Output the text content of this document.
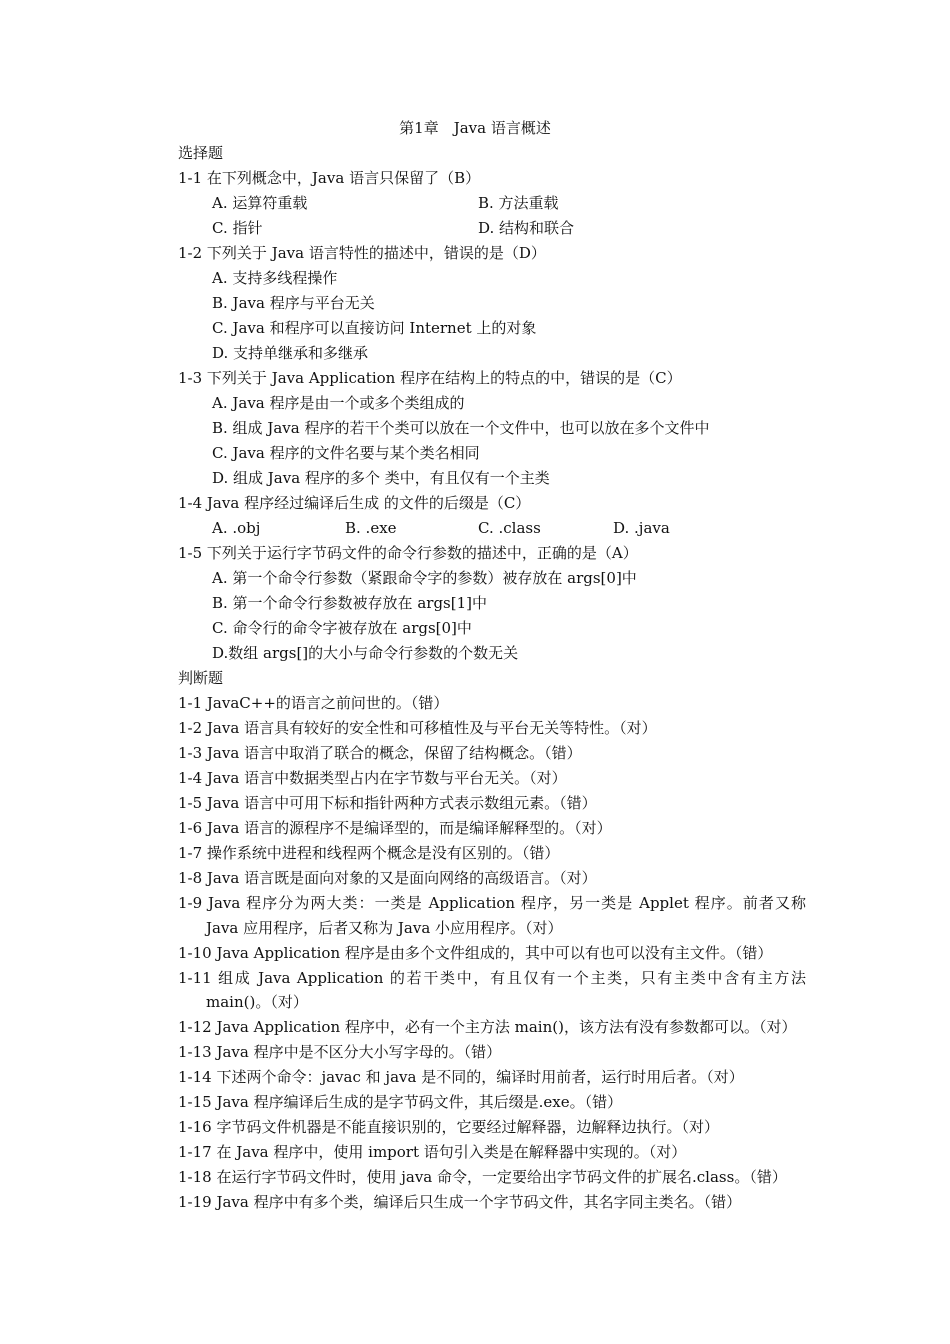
第1章　Java 语言概述
选择题
1-1 在下列概念中，Java 语言只保留了（B）
A. 运算符重载	B. 方法重载
C. 指针	D. 结构和联合
1-2 下列关于 Java 语言特性的描述中，错误的是（D）
A. 支持多线程操作
B. Java 程序与平台无关
C. Java 和程序可以直接访问 Internet 上的对象
D. 支持单继承和多继承
1-3 下列关于 Java Application 程序在结构上的特点的中，错误的是（C）
A. Java 程序是由一个或多个类组成的
B. 组成 Java 程序的若干个类可以放在一个文件中，也可以放在多个文件中
C. Java 程序的文件名要与某个类名相同
D. 组成 Java 程序的多个 类中，有且仅有一个主类
1-4 Java 程序经过编译后生成 的文件的后缀是（C）
A. .obj	B. .exe	C. .class	D. .java
1-5 下列关于运行字节码文件的命令行参数的描述中，正确的是（A）
A. 第一个命令行参数（紧跟命令字的参数）被存放在 args[0]中
B. 第一个命令行参数被存放在 args[1]中
C. 命令行的命令字被存放在 args[0]中
D.数组 args[]的大小与命令行参数的个数无关
判断题
1-1 JavaC++的语言之前问世的。（错）
1-2 Java 语言具有较好的安全性和可移植性及与平台无关等特性。（对）
1-3 Java 语言中取消了联合的概念，保留了结构概念。（错）
1-4 Java 语言中数据类型占内在字节数与平台无关。（对）
1-5 Java 语言中可用下标和指针两种方式表示数组元素。（错）
1-6 Java 语言的源程序不是编译型的，而是编译解释型的。（对）
1-7 操作系统中进程和线程两个概念是没有区别的。（错）
1-8 Java 语言既是面向对象的又是面向网络的高级语言。（对）
1-9 Java 程序分为两大类：一类是 Application 程序，另一类是 Applet 程序。前者又称
Java 应用程序，后者又称为 Java 小应用程序。（对）
1-10 Java Application 程序是由多个文件组成的，其中可以有也可以没有主文件。（错）
1-11 组成 Java Application 的若干类中，有且仅有一个主类，只有主类中含有主方法
main()。（对）
1-12 Java Application 程序中，必有一个主方法 main()，该方法有没有参数都可以。（对）
1-13 Java 程序中是不区分大小写字母的。（错）
1-14 下述两个命令：javac 和 java 是不同的，编译时用前者，运行时用后者。（对）
1-15 Java 程序编译后生成的是字节码文件，其后缀是.exe。（错）
1-16 字节码文件机器是不能直接识别的，它要经过解释器，边解释边执行。（对）
1-17 在 Java 程序中，使用 import 语句引入类是在解释器中实现的。（对）
1-18 在运行字节码文件时，使用 java 命令，一定要给出字节码文件的扩展名.class。（错）
1-19 Java 程序中有多个类，编译后只生成一个字节码文件，其名字同主类名。（错）
